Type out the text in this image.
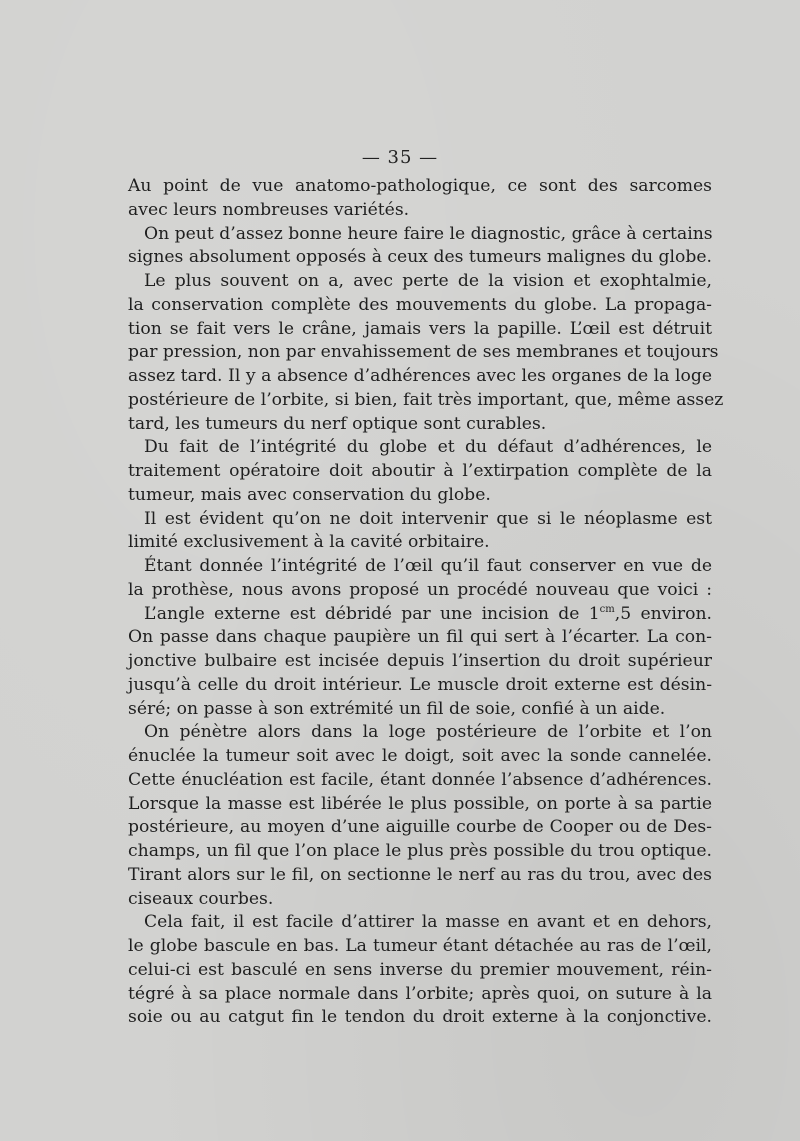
— 35 —
Au point de vue anatomo-pathologique, ce sont des sarcomes
avec leurs nombreuses variétés.
On peut d’assez bonne heure faire le diagnostic, grâce à certains
signes absolument opposés à ceux des tumeurs malignes du globe.
Le plus souvent on a, avec perte de la vision et exophtalmie,
la conservation complète des mouvements du globe. La propaga-
tion se fait vers le crâne, jamais vers la papille. L’œil est détruit
par pression, non par envahissement de ses membranes et toujours
assez tard. Il y a absence d’adhérences avec les organes de la loge
postérieure de l’orbite, si bien, fait très important, que, même assez
tard, les tumeurs du nerf optique sont curables.
Du fait de l’intégrité du globe et du défaut d’adhérences, le
traitement opératoire doit aboutir à l’extirpation complète de la
tumeur, mais avec conservation du globe.
Il est évident qu’on ne doit intervenir que si le néoplasme est
limité exclusivement à la cavité orbitaire.
Étant donnée l’intégrité de l’œil qu’il faut conserver en vue de
la prothèse, nous avons proposé un procédé nouveau que voici :
L’angle externe est débridé par une incision de $1^{cm},5$ environ.
On passe dans chaque paupière un fil qui sert à l’écarter. La con-
jonctive bulbaire est incisée depuis l’insertion du droit supérieur
jusqu’à celle du droit intérieur. Le muscle droit externe est désin-
séré; on passe à son extrémité un fil de soie, confié à un aide.
On pénètre alors dans la loge postérieure de l’orbite et l’on
énuclée la tumeur soit avec le doigt, soit avec la sonde cannelée.
Cette énucléation est facile, étant donnée l’absence d’adhérences.
Lorsque la masse est libérée le plus possible, on porte à sa partie
postérieure, au moyen d’une aiguille courbe de Cooper ou de Des-
champs, un fil que l’on place le plus près possible du trou optique.
Tirant alors sur le fil, on sectionne le nerf au ras du trou, avec des
ciseaux courbes.
Cela fait, il est facile d’attirer la masse en avant et en dehors,
le globe bascule en bas. La tumeur étant détachée au ras de l’œil,
celui-ci est basculé en sens inverse du premier mouvement, réin-
tégré à sa place normale dans l’orbite; après quoi, on suture à la
soie ou au catgut fin le tendon du droit externe à la conjonctive.
